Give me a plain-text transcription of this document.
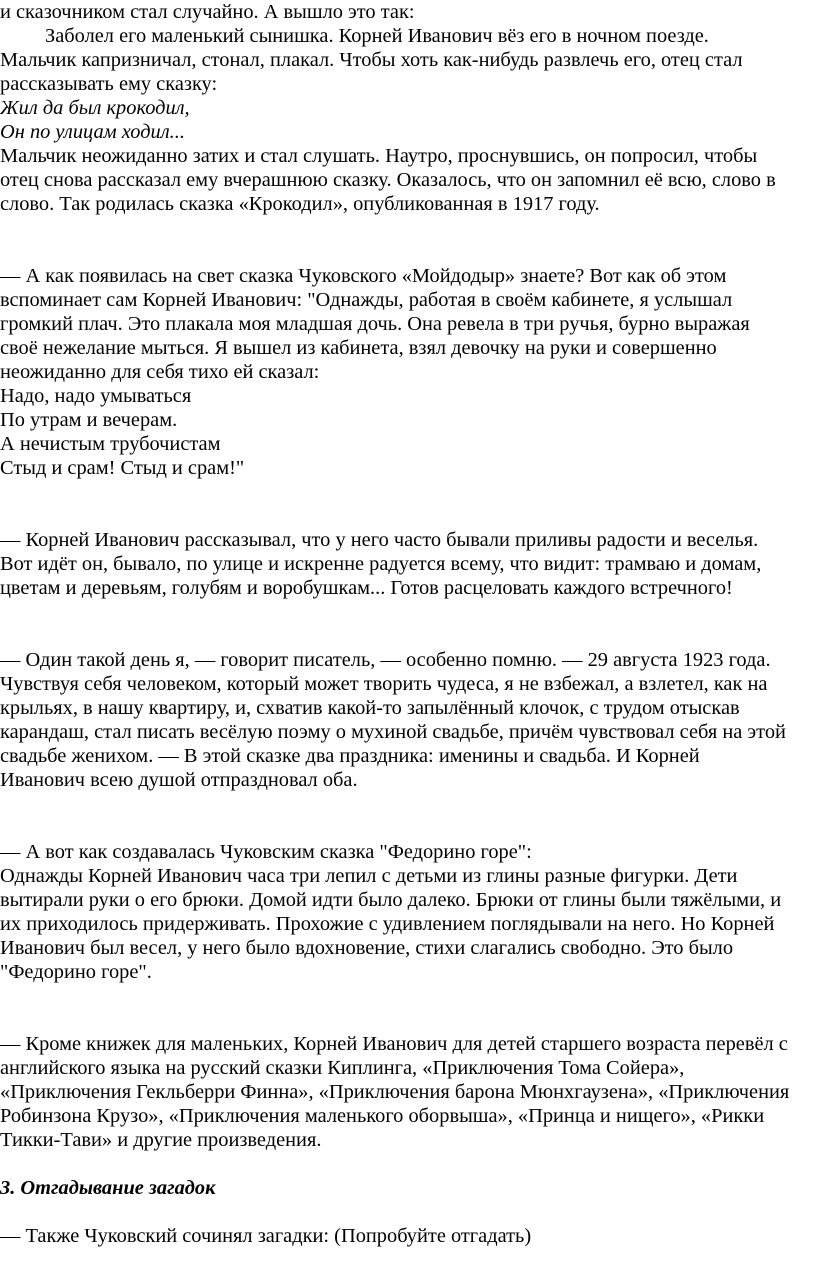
и сказочником стал случайно. А вышло это так:
Заболел его маленький сынишка. Корней Иванович вёз его в ночном поезде.
Мальчик капризничал, стонал, плакал. Чтобы хоть как-нибудь развлечь его, отец стал
рассказывать ему сказку:
Жил да был крокодил,
Он по улицам ходил...
Мальчик неожиданно затих и стал слушать. Наутро, проснувшись, он попросил, чтобы
отец снова рассказал ему вчерашнюю сказку. Оказалось, что он запомнил её всю, слово в
слово. Так родилась сказка «Крокодил», опубликованная в 1917 году.
— А как появилась на свет сказка Чуковского «Мойдодыр» знаете? Вот как об этом
вспоминает сам Корней Иванович: "Однажды, работая в своём кабинете, я услышал
громкий плач. Это плакала моя младшая дочь. Она ревела в три ручья, бурно выражая
своё нежелание мыться. Я вышел из кабинета, взял девочку на руки и совершенно
неожиданно для себя тихо ей сказал:
Надо, надо умываться
По утрам и вечерам.
А нечистым трубочистам
Стыд и срам! Стыд и срам!"
— Корней Иванович рассказывал, что у него часто бывали приливы радости и веселья.
Вот идёт он, бывало, по улице и искренне радуется всему, что видит: трамваю и домам,
цветам и деревьям, голубям и воробушкам... Готов расцеловать каждого встречного!
— Один такой день я, — говорит писатель, — особенно помню. — 29 августа 1923 года.
Чувствуя себя человеком, который может творить чудеса, я не взбежал, а взлетел, как на
крыльях, в нашу квартиру, и, схватив какой-то запылённый клочок, с трудом отыскав
карандаш, стал писать весёлую поэму о мухиной свадьбе, причём чувствовал себя на этой
свадьбе женихом. — В этой сказке два праздника: именины и свадьба. И Корней
Иванович всею душой отпраздновал оба.
— А вот как создавалась Чуковским сказка "Федорино горе":
Однажды Корней Иванович часа три лепил с детьми из глины разные фигурки. Дети
вытирали руки о его брюки. Домой идти было далеко. Брюки от глины были тяжёлыми, и
их приходилось придерживать. Прохожие с удивлением поглядывали на него. Но Корней
Иванович был весел, у него было вдохновение, стихи слагались свободно. Это было
"Федорино горе".
— Кроме книжек для маленьких, Корней Иванович для детей старшего возраста перевёл с
английского языка на русский сказки Киплинга, «Приключения Тома Сойера»,
«Приключения Гекльберри Финна», «Приключения барона Мюнхгаузена», «Приключения
Робинзона Крузо», «Приключения маленького оборвыша», «Принца и нищего», «Рикки
Тикки-Тави» и другие произведения.
3. Отгадывание загадок
— Также Чуковский сочинял загадки: (Попробуйте отгадать)
